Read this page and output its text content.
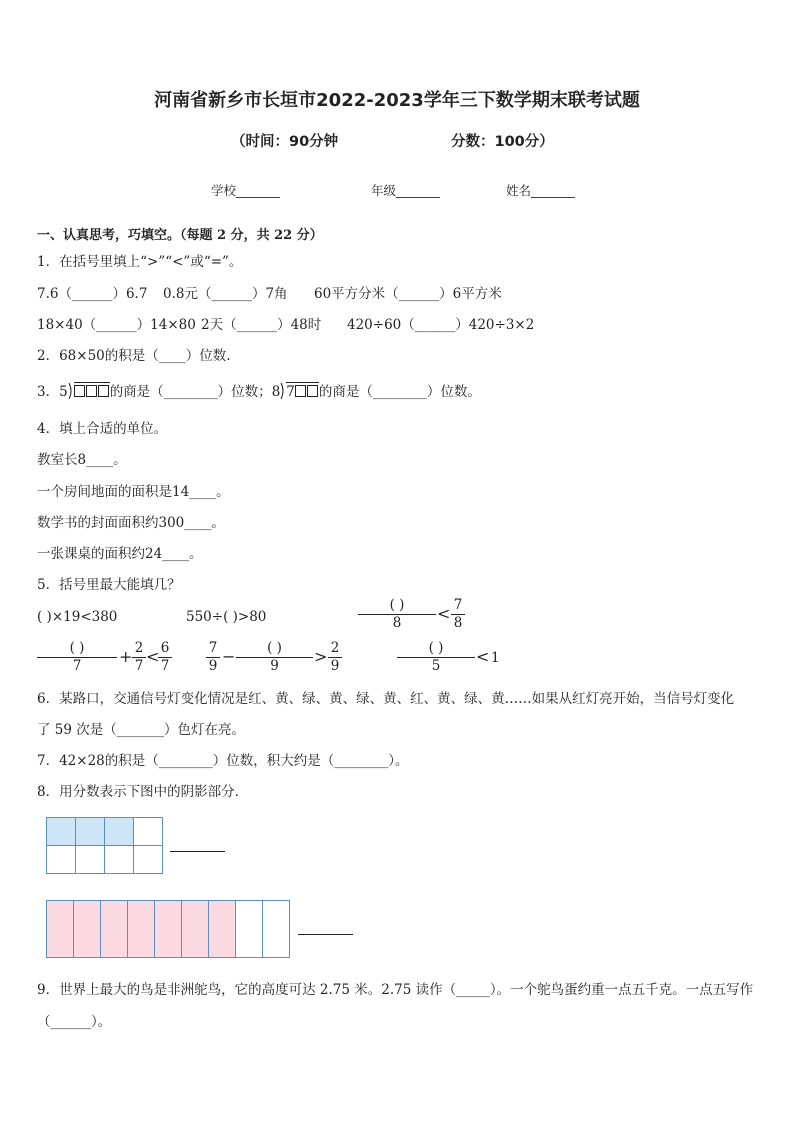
河南省新乡市长垣市2022-2023学年三下数学期末联考试题
（时间：90分钟	分数：100分）
学校_______	年级_______	姓名_______
一、认真思考，巧填空。（每题 2 分，共 22 分）
1．在括号里填上“>”“<”或“=”。
7.6（______）6.7 0.8元（______）7角 60平方分米（______）6平方米
18×40（______）14×80 2天（______）48时 420÷60（______）420÷3×2
2．68×50的积是（____）位数.
3．5	的商是（________）位数；8 7 的商是（________）位数。
4．填上合适的单位。
教室长8____。
一个房间地面的面积是14____。
数学书的封面面积约300____。
一张课桌的面积约24____。
5．括号里最大能填几？
( )×19<380	550÷( )>80
( )
8	< 7
8
( )
7	+ 2
7 < 6
7
7
9 −	( )
9	> 2
9
( )
5	< 1
6．某路口，交通信号灯变化情况是红、黄、绿、黄、绿、黄、红、黄、绿、黄……如果从红灯亮开始，当信号灯变化
了 59 次是（_______）色灯在亮。
7．42×28的积是（________）位数，积大约是（________）。
8．用分数表示下图中的阴影部分.

9．世界上最大的鸟是非洲鸵鸟，它的高度可达 2.75 米。2.75 读作（_____）。一个鸵鸟蛋约重一点五千克。一点五写作
（______）。
